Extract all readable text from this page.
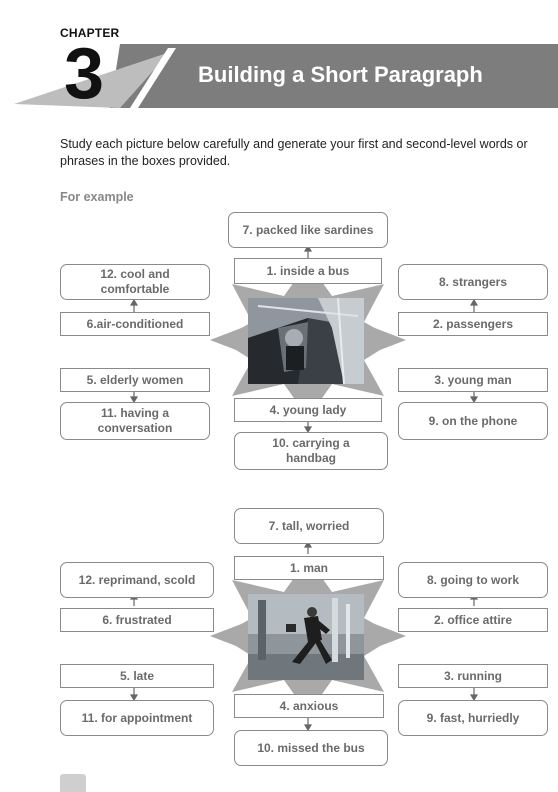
CHAPTER
3	Building a Short Paragraph
Study each picture below carefully and generate your first and second-level words or phrases in the boxes provided.
For example
7. packed like sardines
1. inside a bus
12. cool and comfortable
6.air-conditioned
8. strangers
2. passengers
5. elderly women
11. having a conversation
3. young man
9. on the phone
4. young lady
10. carrying a handbag
7. tall, worried
1. man
12. reprimand, scold
6. frustrated
8. going to work
2. office attire
5. late
11. for appointment
3. running
9. fast, hurriedly
4. anxious
10. missed the bus
